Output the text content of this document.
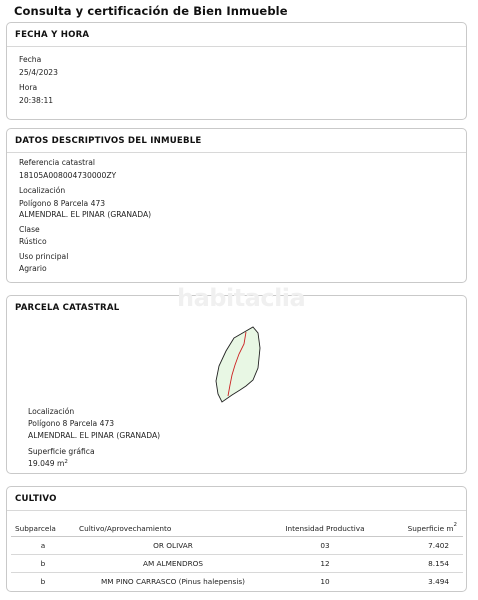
Consulta y certificación de Bien Inmueble
FECHA Y HORA
Fecha
25/4/2023
Hora
20:38:11
DATOS DESCRIPTIVOS DEL INMUEBLE
Referencia catastral
18105A008004730000ZY
Localización
Polígono 8 Parcela 473
ALMENDRAL. EL PINAR (GRANADA)
Clase
Rústico
Uso principal
Agrario
PARCELA CATASTRAL habitaclia
Localización
Polígono 8 Parcela 473
ALMENDRAL. EL PINAR (GRANADA)
Superficie gráfica
19.049 $m^2$
CULTIVO
Subparcela	Cultivo/Aprovechamiento	Intensidad Productiva	Superficie $m^2$
a	OR OLIVAR	03	7.402
b	AM ALMENDROS	12	8.154
b	MM PINO CARRASCO (Pinus halepensis)	10	3.494
